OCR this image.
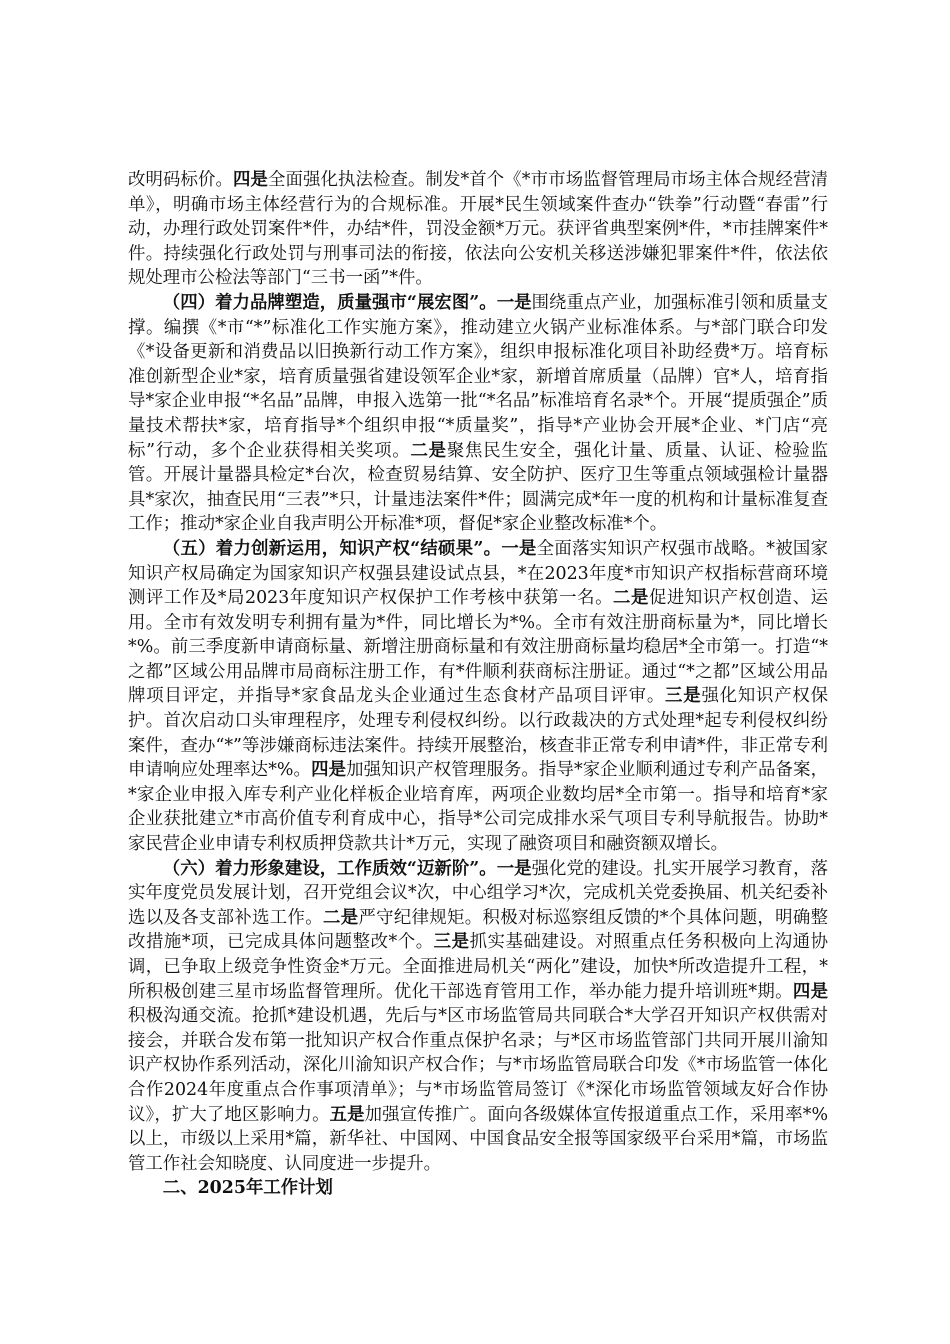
改明码标价。四是全面强化执法检查。制发*首个《*市市场监督管理局市场主体合规经营清单》，明确市场主体经营行为的合规标准。开展*民生领域案件查办“铁拳”行动暨“春雷”行动，办理行政处罚案件*件，办结*件，罚没金额*万元。获评省典型案例*件，*市挂牌案件*件。持续强化行政处罚与刑事司法的衔接，依法向公安机关移送涉嫌犯罪案件*件，依法依规处理市公检法等部门“三书一函”*件。

（四）着力品牌塑造，质量强市“展宏图”。一是围绕重点产业，加强标准引领和质量支撑。编撰《*市“*”标准化工作实施方案》，推动建立火锅产业标准体系。与*部门联合印发《*设备更新和消费品以旧换新行动工作方案》，组织申报标准化项目补助经费*万。培育标准创新型企业*家，培育质量强省建设领军企业*家，新增首席质量（品牌）官*人，培育指导*家企业申报“*名品”品牌，申报入选第一批“*名品”标准培育名录*个。开展“提质强企”质量技术帮扶*家，培育指导*个组织申报“*质量奖”，指导*产业协会开展*企业、*门店“亮标”行动，多个企业获得相关奖项。二是聚焦民生安全，强化计量、质量、认证、检验监管。开展计量器具检定*台次，检查贸易结算、安全防护、医疗卫生等重点领域强检计量器具*家次，抽查民用“三表”*只，计量违法案件*件；圆满完成*年一度的机构和计量标准复查工作；推动*家企业自我声明公开标准*项，督促*家企业整改标准*个。

（五）着力创新运用，知识产权“结硕果”。一是全面落实知识产权强市战略。*被国家知识产权局确定为国家知识产权强县建设试点县，*在2023年度*市知识产权指标营商环境测评工作及*局2023年度知识产权保护工作考核中获第一名。二是促进知识产权创造、运用。全市有效发明专利拥有量为*件，同比增长为*%。全市有效注册商标量为*，同比增长*%。前三季度新申请商标量、新增注册商标量和有效注册商标量均稳居*全市第一。打造“*之都”区域公用品牌市局商标注册工作，有*件顺利获商标注册证。通过“*之都”区域公用品牌项目评定，并指导*家食品龙头企业通过生态食材产品项目评审。三是强化知识产权保护。首次启动口头审理程序，处理专利侵权纠纷。以行政裁决的方式处理*起专利侵权纠纷案件，查办“*”等涉嫌商标违法案件。持续开展整治，核查非正常专利申请*件，非正常专利申请响应处理率达*%。四是加强知识产权管理服务。指导*家企业顺利通过专利产品备案，*家企业申报入库专利产业化样板企业培育库，两项企业数均居*全市第一。指导和培育*家企业获批建立*市高价值专利育成中心，指导*公司完成排水采气项目专利导航报告。协助*家民营企业申请专利权质押贷款共计*万元，实现了融资项目和融资额双增长。

（六）着力形象建设，工作质效“迈新阶”。一是强化党的建设。扎实开展学习教育，落实年度党员发展计划，召开党组会议*次，中心组学习*次，完成机关党委换届、机关纪委补选以及各支部补选工作。二是严守纪律规矩。积极对标巡察组反馈的*个具体问题，明确整改措施*项，已完成具体问题整改*个。三是抓实基础建设。对照重点任务积极向上沟通协调，已争取上级竞争性资金*万元。全面推进局机关“两化”建设，加快*所改造提升工程，*所积极创建三星市场监督管理所。优化干部选育管用工作，举办能力提升培训班*期。四是积极沟通交流。抢抓*建设机遇，先后与*区市场监管局共同联合*大学召开知识产权供需对接会，并联合发布第一批知识产权合作重点保护名录；与*区市场监管部门共同开展川渝知识产权协作系列活动，深化川渝知识产权合作；与*市场监管局联合印发《*市场监管一体化合作2024年度重点合作事项清单》；与*市场监管局签订《*深化市场监管领域友好合作协议》，扩大了地区影响力。五是加强宣传推广。面向各级媒体宣传报道重点工作，采用率*%以上，市级以上采用*篇，新华社、中国网、中国食品安全报等国家级平台采用*篇，市场监管工作社会知晓度、认同度进一步提升。

二、2025年工作计划
